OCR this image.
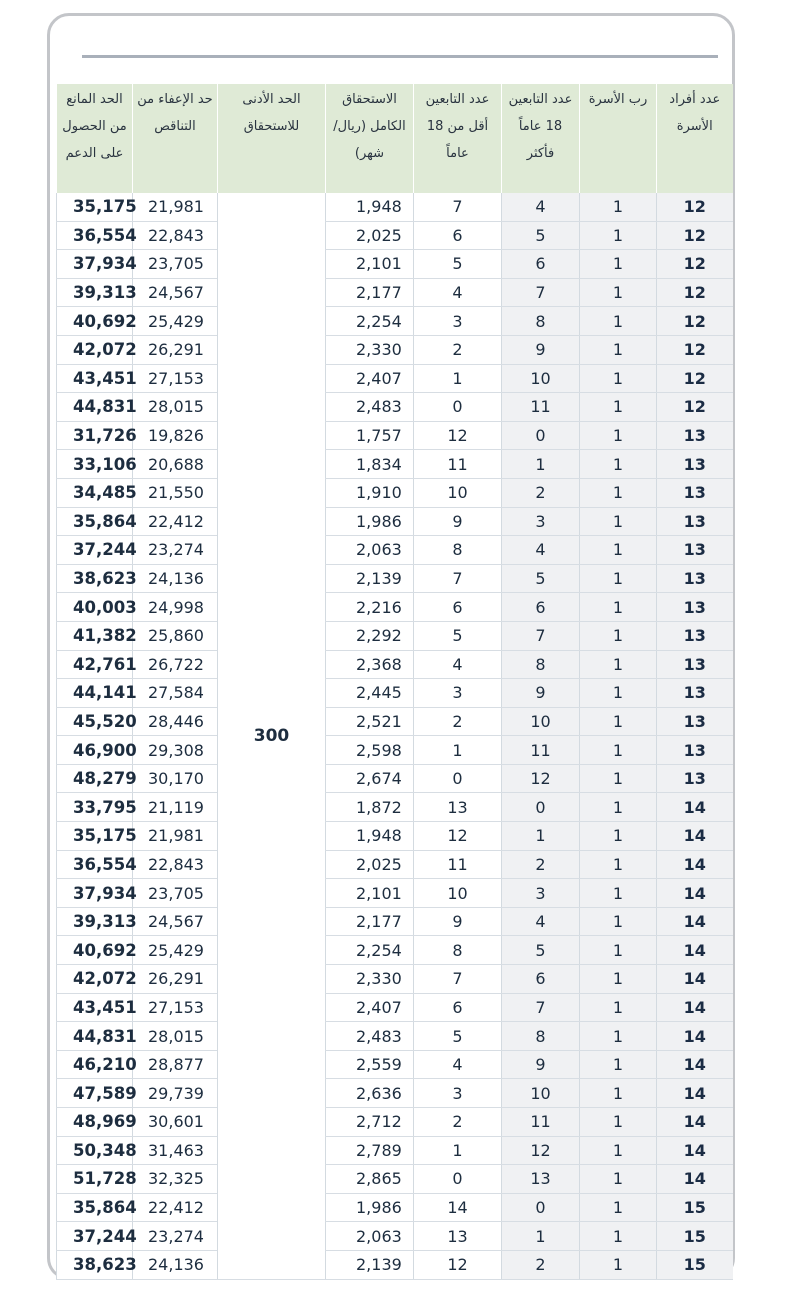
عدد أفراد الأسرة	رب الأسرة	عدد التابعين 18 عاماً فأكثر	عدد التابعين أقل من 18 عاماً	الاستحقاق الكامل (ريال/شهر)	الحد الأدنى للاستحقاق	حد الإعفاء من التناقص	الحد المانع من الحصول على الدعم
12	1	4	7	1,948	300	21,981	35,175
12	1	5	6	2,025		22,843	36,554
12	1	6	5	2,101		23,705	37,934
12	1	7	4	2,177		24,567	39,313
12	1	8	3	2,254		25,429	40,692
12	1	9	2	2,330		26,291	42,072
12	1	10	1	2,407		27,153	43,451
12	1	11	0	2,483		28,015	44,831
13	1	0	12	1,757		19,826	31,726
13	1	1	11	1,834		20,688	33,106
13	1	2	10	1,910		21,550	34,485
13	1	3	9	1,986		22,412	35,864
13	1	4	8	2,063		23,274	37,244
13	1	5	7	2,139		24,136	38,623
13	1	6	6	2,216		24,998	40,003
13	1	7	5	2,292		25,860	41,382
13	1	8	4	2,368		26,722	42,761
13	1	9	3	2,445		27,584	44,141
13	1	10	2	2,521		28,446	45,520
13	1	11	1	2,598		29,308	46,900
13	1	12	0	2,674		30,170	48,279
14	1	0	13	1,872		21,119	33,795
14	1	1	12	1,948		21,981	35,175
14	1	2	11	2,025		22,843	36,554
14	1	3	10	2,101		23,705	37,934
14	1	4	9	2,177		24,567	39,313
14	1	5	8	2,254		25,429	40,692
14	1	6	7	2,330		26,291	42,072
14	1	7	6	2,407		27,153	43,451
14	1	8	5	2,483		28,015	44,831
14	1	9	4	2,559		28,877	46,210
14	1	10	3	2,636		29,739	47,589
14	1	11	2	2,712		30,601	48,969
14	1	12	1	2,789		31,463	50,348
14	1	13	0	2,865		32,325	51,728
15	1	0	14	1,986		22,412	35,864
15	1	1	13	2,063		23,274	37,244
15	1	2	12	2,139		24,136	38,623
